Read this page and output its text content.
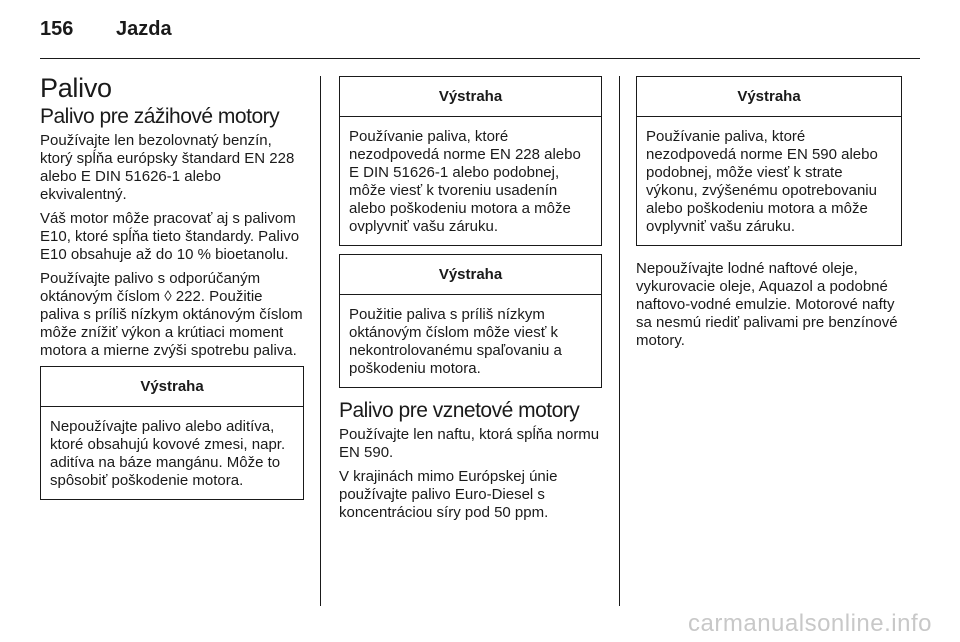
156 Jazda
Palivo
Palivo pre zážihové motory

Používajte len bezolovnatý benzín, ktorý spĺňa európsky štandard EN 228 alebo E DIN 51626-1 alebo ekvivalentný.

Váš motor môže pracovať aj s palivom E10, ktoré spĺňa tieto štandardy. Palivo E10 obsahuje až do 10 % bioetanolu.

Používajte palivo s odporúčaným oktánovým číslom ◊ 222. Použitie paliva s príliš nízkym oktánovým číslom môže znížiť výkon a krútiaci moment motora a mierne zvýši spotrebu paliva.

Výstraha

Nepoužívajte palivo alebo aditíva, ktoré obsahujú kovové zmesi, napr. aditíva na báze mangánu. Môže to spôsobiť poškodenie motora.

Výstraha

Používanie paliva, ktoré nezodpovedá norme EN 228 alebo E DIN 51626-1 alebo podobnej, môže viesť k tvoreniu usadenín alebo poškodeniu motora a môže ovplyvniť vašu záruku.

Výstraha

Použitie paliva s príliš nízkym oktánovým číslom môže viesť k nekontrolovanému spaľovaniu a poškodeniu motora.

Palivo pre vznetové motory

Používajte len naftu, ktorá spĺňa normu EN 590.

V krajinách mimo Európskej únie používajte palivo Euro-Diesel s koncentráciou síry pod 50 ppm.

Výstraha

Používanie paliva, ktoré nezodpovedá norme EN 590 alebo podobnej, môže viesť k strate výkonu, zvýšenému opotrebovaniu alebo poškodeniu motora a môže ovplyvniť vašu záruku.

Nepoužívajte lodné naftové oleje, vykurovacie oleje, Aquazol a podobné naftovo-vodné emulzie. Motorové nafty sa nesmú riediť palivami pre benzínové motory.

carmanualsonline.info
